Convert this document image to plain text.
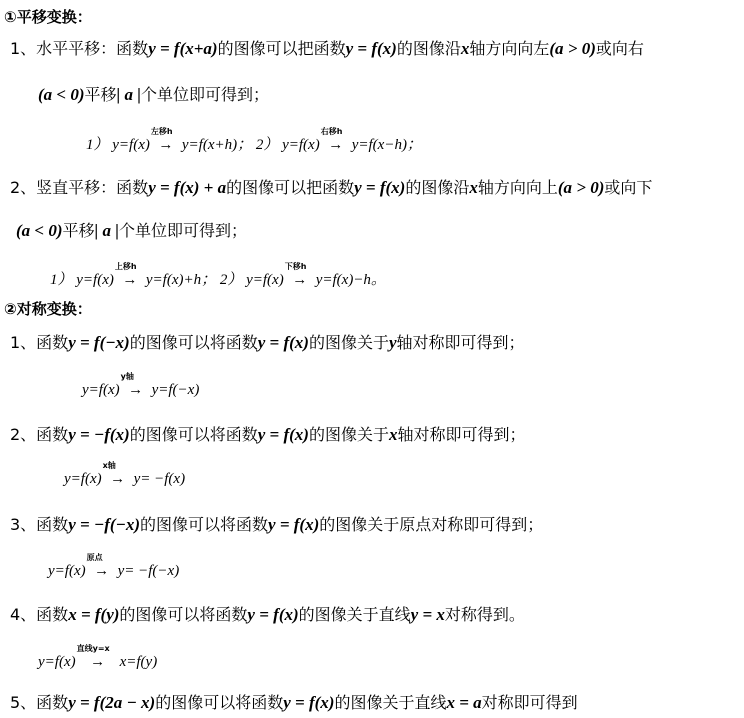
①平移变换：
1、水平平移：函数y = f(x+a)的图像可以把函数y = f(x)的图像沿x轴方向向左(a > 0)或向右
(a < 0)平移| a |个单位即可得到；
1） y=f(x)
左移h
→ y=f(x+h)； 2） y=f(x)
右移h
→ y=f(x−h)；
2、竖直平移：函数y = f(x) + a的图像可以把函数y = f(x)的图像沿x轴方向向上(a > 0)或向下
(a < 0)平移| a |个单位即可得到；
1） y=f(x)
上移h
→ y=f(x)+h； 2） y=f(x)
下移h
→ y=f(x)−h。
②对称变换：
1、函数y = f(−x)的图像可以将函数y = f(x)的图像关于y轴对称即可得到；
y=f(x)
y轴
→ y=f(−x)
2、函数y = −f(x)的图像可以将函数y = f(x)的图像关于x轴对称即可得到；
y=f(x)
x轴
→ y= −f(x)
3、函数y = −f(−x)的图像可以将函数y = f(x)的图像关于原点对称即可得到；
y=f(x)
原点
→ y= −f(−x)
4、函数x = f(y)的图像可以将函数y = f(x)的图像关于直线y = x对称得到。
y=f(x)
直线y=x
→ x=f(y)
5、函数y = f(2a − x)的图像可以将函数y = f(x)的图像关于直线x = a对称即可得到
